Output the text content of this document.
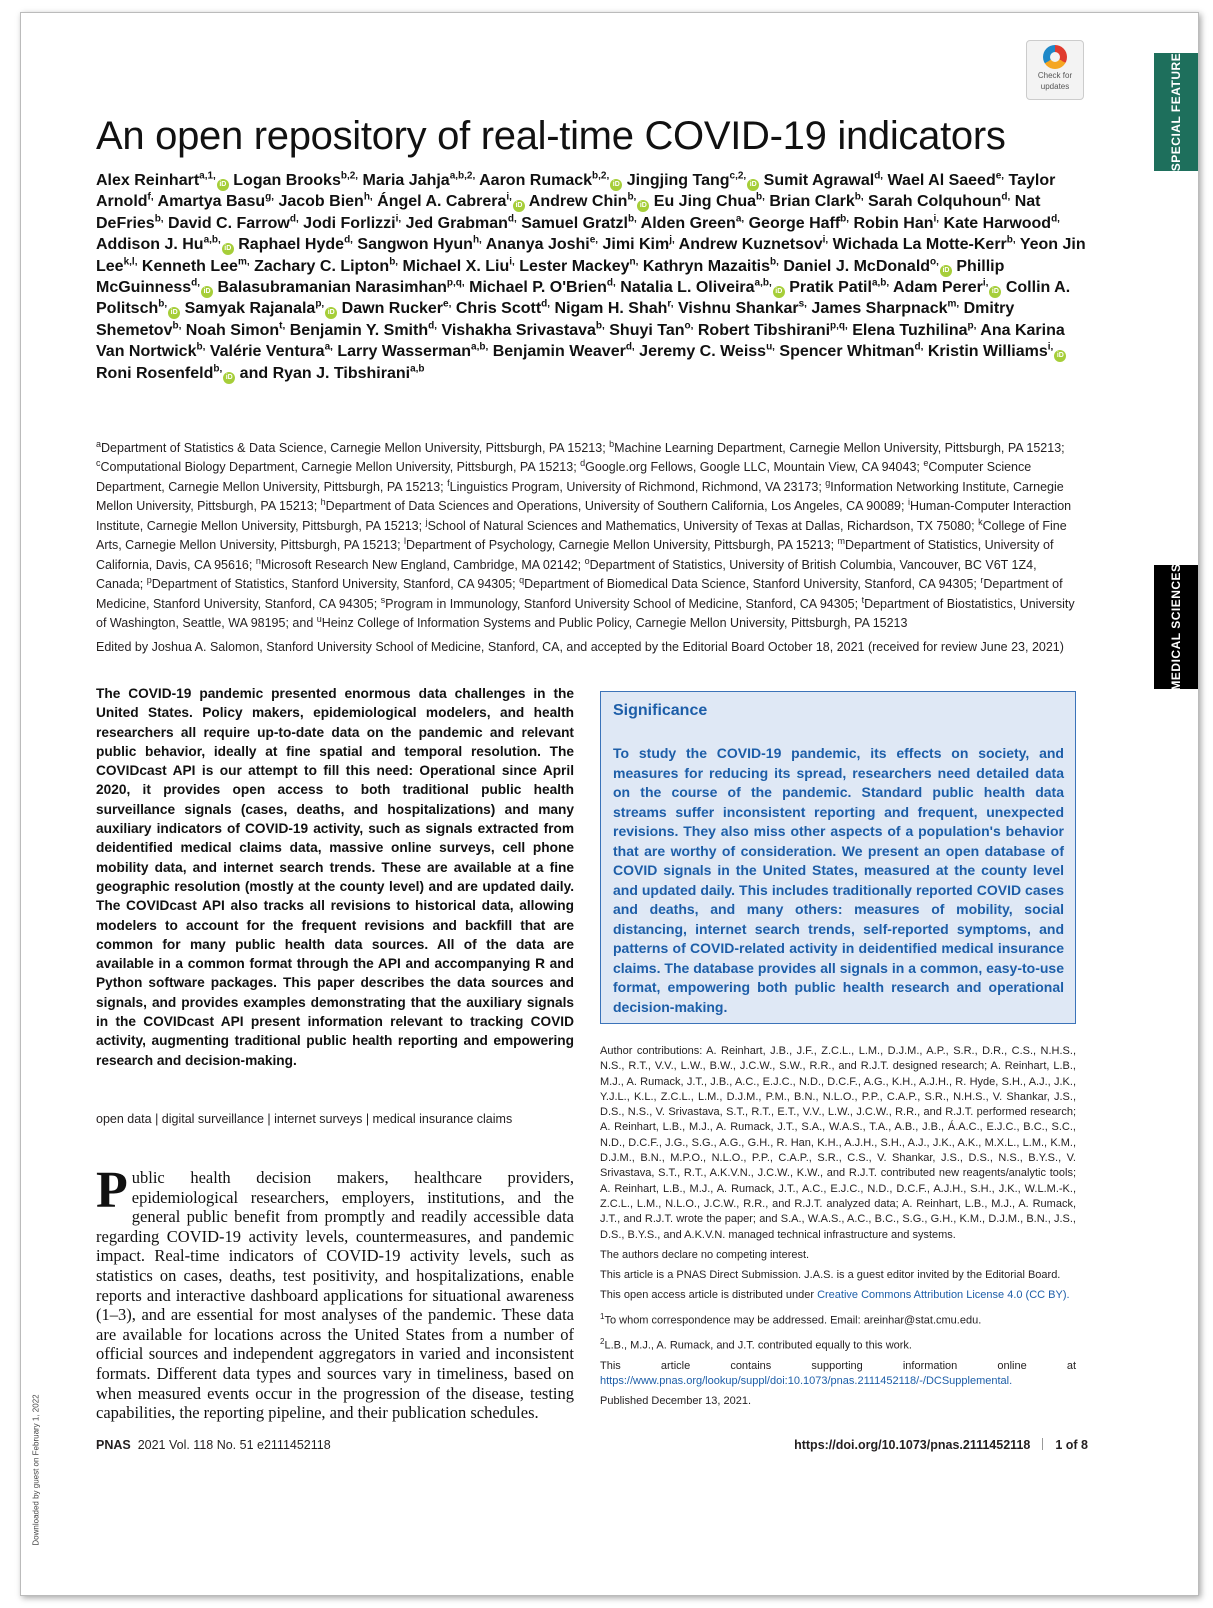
SPECIAL FEATURE
MEDICAL SCIENCES
Check for
updates
An open repository of real-time COVID-19 indicators
Alex Reinhart$^{a,1,}$iD Logan Brooks$^{b,2,}$ Maria Jahja$^{a,b,2,}$ Aaron Rumack$^{b,2,}$iD Jingjing Tang$^{c,2,}$iD Sumit Agrawal$^{d,}$ Wael Al Saeed$^{e,}$ Taylor Arnold$^{f,}$ Amartya Basu$^{g,}$ Jacob Bien$^{h,}$ Ángel A. Cabrera$^{i,}$iD Andrew Chin$^{b,}$iD Eu Jing Chua$^{b,}$ Brian Clark$^{b,}$ Sarah Colquhoun$^{d,}$ Nat DeFries$^{b,}$ David C. Farrow$^{d,}$ Jodi Forlizzi$^{i,}$ Jed Grabman$^{d,}$ Samuel Gratzl$^{b,}$ Alden Green$^{a,}$ George Haff$^{b,}$ Robin Han$^{i,}$ Kate Harwood$^{d,}$ Addison J. $Hu^{a,b,}iD$ Raphael Hyde$^{d,}$ Sangwon Hyun$^{h,}$ Ananya Joshi$^{e,}$ Jimi Kim$^{j,}$ Andrew Kuznetsov$^{i,}$ Wichada La Motte-Kerr$^{b,}$ Yeon Jin Lee$^{k,l,}$ Kenneth Lee$^{m,}$ Zachary C. Lipton$^{b,}$ Michael X. Liu$^{i,}$ Lester Mackey$^{n,}$ Kathryn Mazaitis$^{b,}$ Daniel J. McDonald$^{o,}$iD Phillip McGuinness$^{d,}$iD Balasubramanian Narasimhan$^{p,q,}$ Michael P. O'Brien$^{d,}$ Natalia L. Oliveira$^{a,b,}$iD Pratik Patil$^{a,b,}$ Adam Perer$^{i,}$iD Collin A. Politsch$^{b,}$iD Samyak Rajanala$^{p,}$iD Dawn Rucker$^{e,}$ Chris Scott$^{d,}$ Nigam H. Shah$^{r,}$ Vishnu Shankar$^{s,}$ James Sharpnack$^{m,}$ Dmitry Shemetov$^{b,}$ Noah Simon$^{t,}$ Benjamin Y. Smith$^{d,}$ Vishakha Srivastava$^{b,}$ Shuyi Tan$^{o,}$ Robert Tibshirani$^{p,q,}$ Elena Tuzhilina$^{p,}$ Ana Karina Van Nortwick$^{b,}$ Valérie Ventura$^{a,}$ Larry Wasserman$^{a,b,}$ Benjamin Weaver$^{d,}$ Jeremy C. Weiss$^{u,}$ Spencer Whitman$^{d,}$ Kristin Williams$^{i,}$iD Roni Rosenfeld$^{b,}$iD and Ryan J. Tibshirani$^{a,b}$
$^a$Department of Statistics & Data Science, Carnegie Mellon University, Pittsburgh, PA 15213; $^b$Machine Learning Department, Carnegie Mellon University, Pittsburgh, PA 15213; $^c$Computational Biology Department, Carnegie Mellon University, Pittsburgh, PA 15213; $^d$Google.org Fellows, Google LLC, Mountain View, CA 94043; $^e$Computer Science Department, Carnegie Mellon University, Pittsburgh, PA 15213; $^f$Linguistics Program, University of Richmond, Richmond, VA 23173; $^g$Information Networking Institute, Carnegie Mellon University, Pittsburgh, PA 15213; $^h$Department of Data Sciences and Operations, University of Southern California, Los Angeles, CA 90089; $^i$Human-Computer Interaction Institute, Carnegie Mellon University, Pittsburgh, PA 15213; $^j$School of Natural Sciences and Mathematics, University of Texas at Dallas, Richardson, TX 75080; $^k$College of Fine Arts, Carnegie Mellon University, Pittsburgh, PA 15213; $^l$Department of Psychology, Carnegie Mellon University, Pittsburgh, PA 15213; $^m$Department of Statistics, University of California, Davis, CA 95616; $^n$Microsoft Research New England, Cambridge, MA 02142; $^o$Department of Statistics, University of British Columbia, Vancouver, BC V6T 1Z4, Canada; $^p$Department of Statistics, Stanford University, Stanford, CA 94305; $^q$Department of Biomedical Data Science, Stanford University, Stanford, CA 94305; $^r$Department of Medicine, Stanford University, Stanford, CA 94305; $^s$Program in Immunology, Stanford University School of Medicine, Stanford, CA 94305; $^t$Department of Biostatistics, University of Washington, Seattle, WA 98195; and $^u$Heinz College of Information Systems and Public Policy, Carnegie Mellon University, Pittsburgh, PA 15213
Edited by Joshua A. Salomon, Stanford University School of Medicine, Stanford, CA, and accepted by the Editorial Board October 18, 2021 (received for review June 23, 2021)
The COVID-19 pandemic presented enormous data challenges in the United States. Policy makers, epidemiological modelers, and health researchers all require up-to-date data on the pandemic and relevant public behavior, ideally at fine spatial and temporal resolution. The COVIDcast API is our attempt to fill this need: Operational since April 2020, it provides open access to both traditional public health surveillance signals (cases, deaths, and hospitalizations) and many auxiliary indicators of COVID-19 activity, such as signals extracted from deidentified medical claims data, massive online surveys, cell phone mobility data, and internet search trends. These are available at a fine geographic resolution (mostly at the county level) and are updated daily. The COVIDcast API also tracks all revisions to historical data, allowing modelers to account for the frequent revisions and backfill that are common for many public health data sources. All of the data are available in a common format through the API and accompanying R and Python software packages. This paper describes the data sources and signals, and provides examples demonstrating that the auxiliary signals in the COVIDcast API present information relevant to tracking COVID activity, augmenting traditional public health reporting and empowering research and decision-making.
open data | digital surveillance | internet surveys | medical insurance claims
Public health decision makers, healthcare providers, epidemiological researchers, employers, institutions, and the general public benefit from promptly and readily accessible data regarding COVID-19 activity levels, countermeasures, and pandemic impact. Real-time indicators of COVID-19 activity levels, such as statistics on cases, deaths, test positivity, and hospitalizations, enable reports and interactive dashboard applications for situational awareness (1–3), and are essential for most analyses of the pandemic. These data are available for locations across the United States from a number of official sources and independent aggregators in varied and inconsistent formats. Different data types and sources vary in timeliness, based on when measured events occur in the progression of the disease, testing capabilities, the reporting pipeline, and their publication schedules.
Significance
To study the COVID-19 pandemic, its effects on society, and measures for reducing its spread, researchers need detailed data on the course of the pandemic. Standard public health data streams suffer inconsistent reporting and frequent, unexpected revisions. They also miss other aspects of a population's behavior that are worthy of consideration. We present an open database of COVID signals in the United States, measured at the county level and updated daily. This includes traditionally reported COVID cases and deaths, and many others: measures of mobility, social distancing, internet search trends, self-reported symptoms, and patterns of COVID-related activity in deidentified medical insurance claims. The database provides all signals in a common, easy-to-use format, empowering both public health research and operational decision-making.

Author contributions: A. Reinhart, J.B., J.F., Z.C.L., L.M., D.J.M., A.P., S.R., D.R., C.S., N.H.S., N.S., R.T., V.V., L.W., B.W., J.C.W., S.W., R.R., and R.J.T. designed research; A. Reinhart, L.B., M.J., A. Rumack, J.T., J.B., A.C., E.J.C., N.D., D.C.F., A.G., K.H., A.J.H., R. Hyde, S.H., A.J., J.K., Y.J.L., K.L., Z.C.L., L.M., D.J.M., P.M., B.N., N.L.O., P.P., C.A.P., S.R., N.H.S., V. Shankar, J.S., D.S., N.S., V. Srivastava, S.T., R.T., E.T., V.V., L.W., J.C.W., R.R., and R.J.T. performed research; A. Reinhart, L.B., M.J., A. Rumack, J.T., S.A., W.A.S., T.A., A.B., J.B., Á.A.C., E.J.C., B.C., S.C., N.D., D.C.F., J.G., S.G., A.G., G.H., R. Han, K.H., A.J.H., S.H., A.J., J.K., A.K., M.X.L., L.M., K.M., D.J.M., B.N., M.P.O., N.L.O., P.P., C.A.P., S.R., C.S., V. Shankar, J.S., D.S., N.S., B.Y.S., V. Srivastava, S.T., R.T., A.K.V.N., J.C.W., K.W., and R.J.T. contributed new reagents/analytic tools; A. Reinhart, L.B., M.J., A. Rumack, J.T., A.C., E.J.C., N.D., D.C.F., A.J.H., S.H., J.K., W.L.M.-K., Z.C.L., L.M., N.L.O., J.C.W., R.R., and R.J.T. analyzed data; A. Reinhart, L.B., M.J., A. Rumack, J.T., and R.J.T. wrote the paper; and S.A., W.A.S., A.C., B.C., S.G., G.H., K.M., D.J.M., B.N., J.S., D.S., B.Y.S., and A.K.V.N. managed technical infrastructure and systems.

The authors declare no competing interest.

This article is a PNAS Direct Submission. J.A.S. is a guest editor invited by the Editorial Board.

This open access article is distributed under Creative Commons Attribution License 4.0 (CC BY).

$^1$To whom correspondence may be addressed. Email: areinhar@stat.cmu.edu.

$^2$L.B., M.J., A. Rumack, and J.T. contributed equally to this work.

This article contains supporting information online at https://www.pnas.org/lookup/suppl/doi:10.1073/pnas.2111452118/-/DCSupplemental.

Published December 13, 2021.

PNAS 2021 Vol. 118 No. 51 e2111452118	https://doi.org/10.1073/pnas.2111452118 1 of 8
Downloaded by guest on February 1, 2022
